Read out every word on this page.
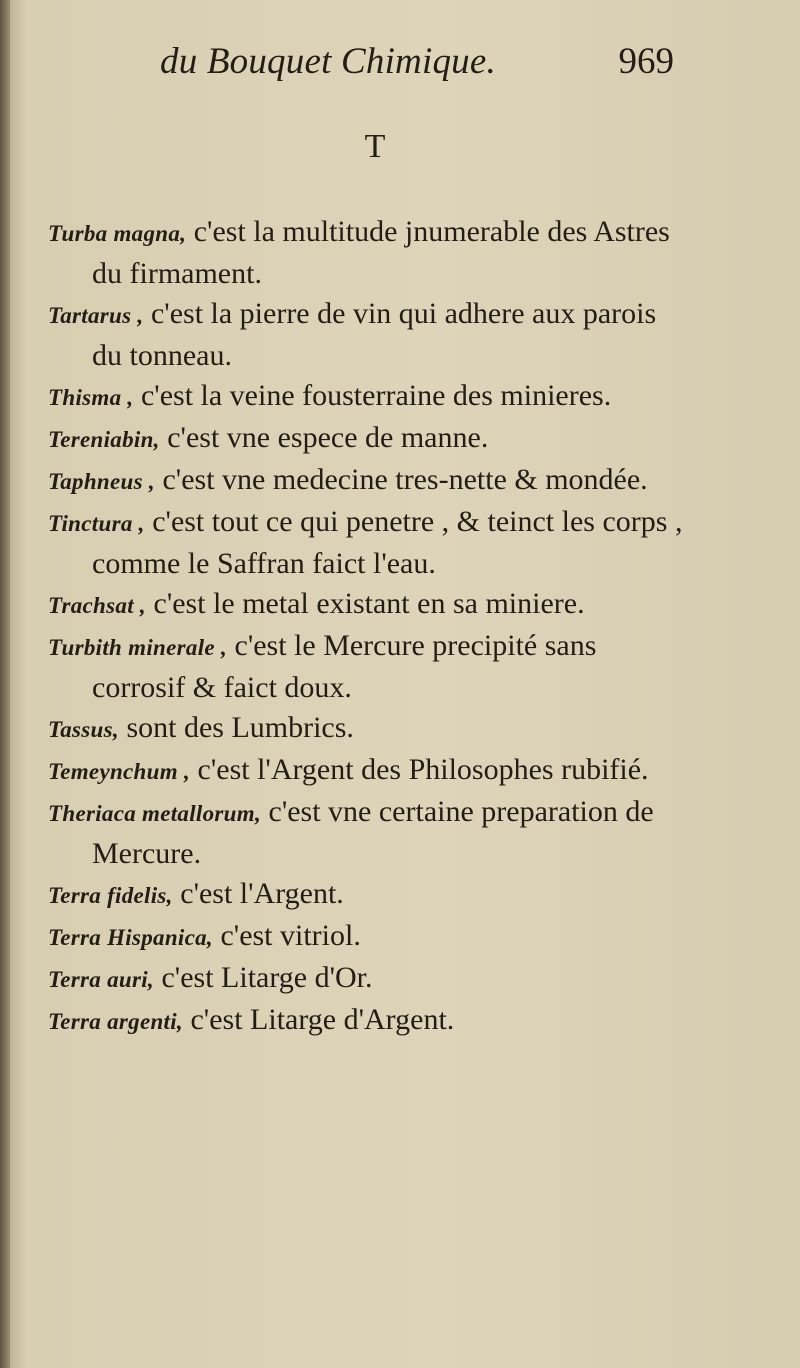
du Bouquet Chimique.	969
T

Turba magna, c'est la multitude jnumerable des Astres du firmament.

Tartarus , c'est la pierre de vin qui adhere aux parois du tonneau.

Thisma , c'est la veine fousterraine des minieres.

Tereniabin, c'est vne espece de manne.

Taphneus , c'est vne medecine tres-nette & mondée.

Tinctura , c'est tout ce qui penetre , & teinct les corps , comme le Saffran faict l'eau.

Trachsat , c'est le metal existant en sa miniere.

Turbith minerale , c'est le Mercure precipité sans corrosif & faict doux.

Tassus, sont des Lumbrics.

Temeynchum , c'est l'Argent des Philosophes rubifié.

Theriaca metallorum, c'est vne certaine preparation de Mercure.

Terra fidelis, c'est l'Argent.

Terra Hispanica, c'est vitriol.

Terra auri, c'est Litarge d'Or.

Terra argenti, c'est Litarge d'Argent.
